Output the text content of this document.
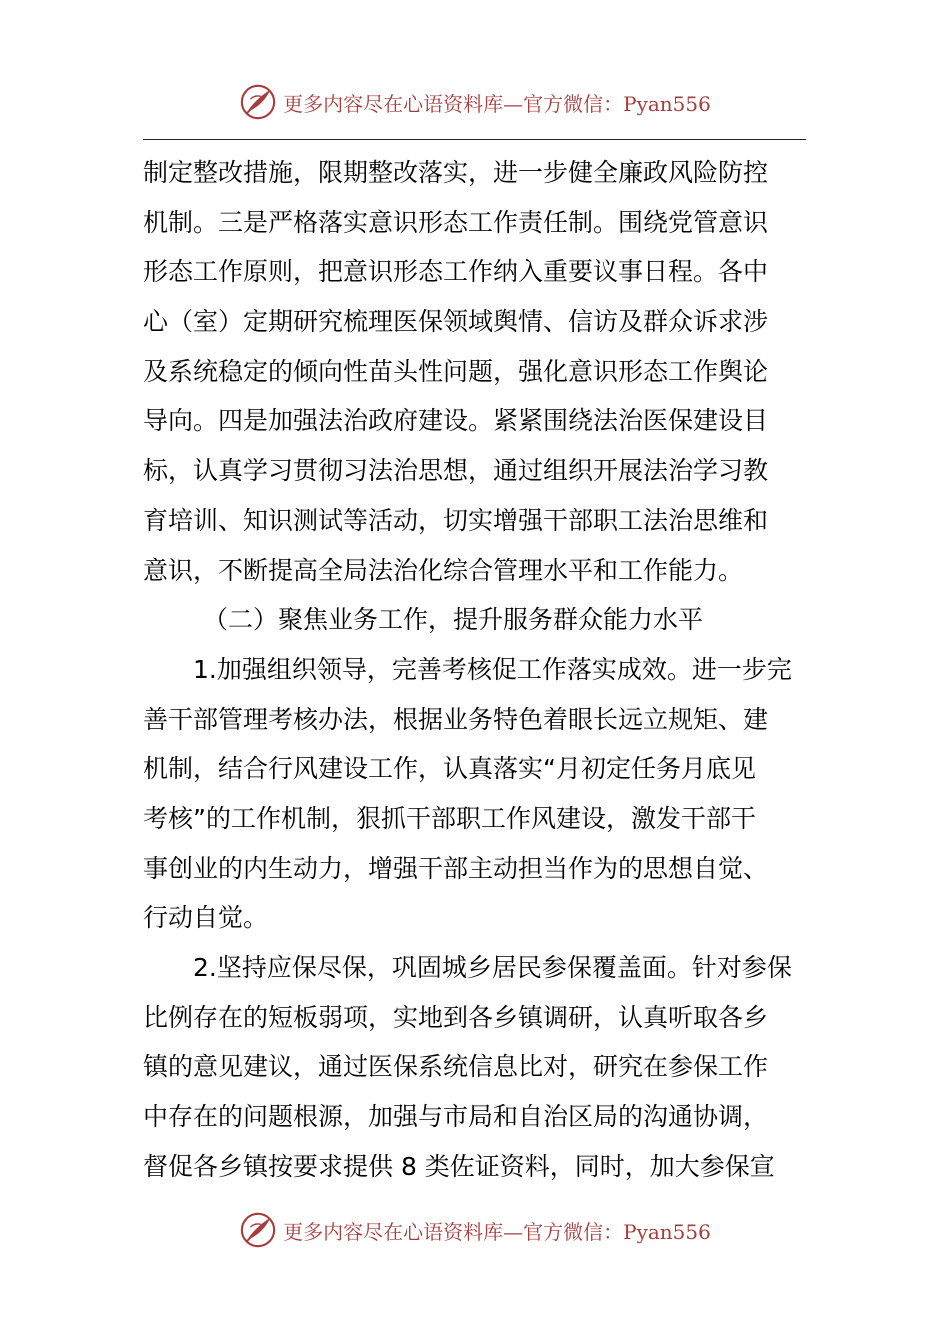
更多内容尽在心语资料库—官方微信：Pyan556
制定整改措施，限期整改落实，进一步健全廉政风险防控
机制。三是严格落实意识形态工作责任制。围绕党管意识
形态工作原则，把意识形态工作纳入重要议事日程。各中
心（室）定期研究梳理医保领域舆情、信访及群众诉求涉
及系统稳定的倾向性苗头性问题，强化意识形态工作舆论
导向。四是加强法治政府建设。紧紧围绕法治医保建设目
标，认真学习贯彻习法治思想，通过组织开展法治学习教
育培训、知识测试等活动，切实增强干部职工法治思维和
意识，不断提高全局法治化综合管理水平和工作能力。
（二）聚焦业务工作，提升服务群众能力水平
1.加强组织领导，完善考核促工作落实成效。进一步完
善干部管理考核办法，根据业务特色着眼长远立规矩、建
机制，结合行风建设工作，认真落实“月初定任务月底见
考核”的工作机制，狠抓干部职工作风建设，激发干部干
事创业的内生动力，增强干部主动担当作为的思想自觉、
行动自觉。
2.坚持应保尽保，巩固城乡居民参保覆盖面。针对参保
比例存在的短板弱项，实地到各乡镇调研，认真听取各乡
镇的意见建议，通过医保系统信息比对，研究在参保工作
中存在的问题根源，加强与市局和自治区局的沟通协调，
督促各乡镇按要求提供 8 类佐证资料，同时，加大参保宣
更多内容尽在心语资料库—官方微信：Pyan556
